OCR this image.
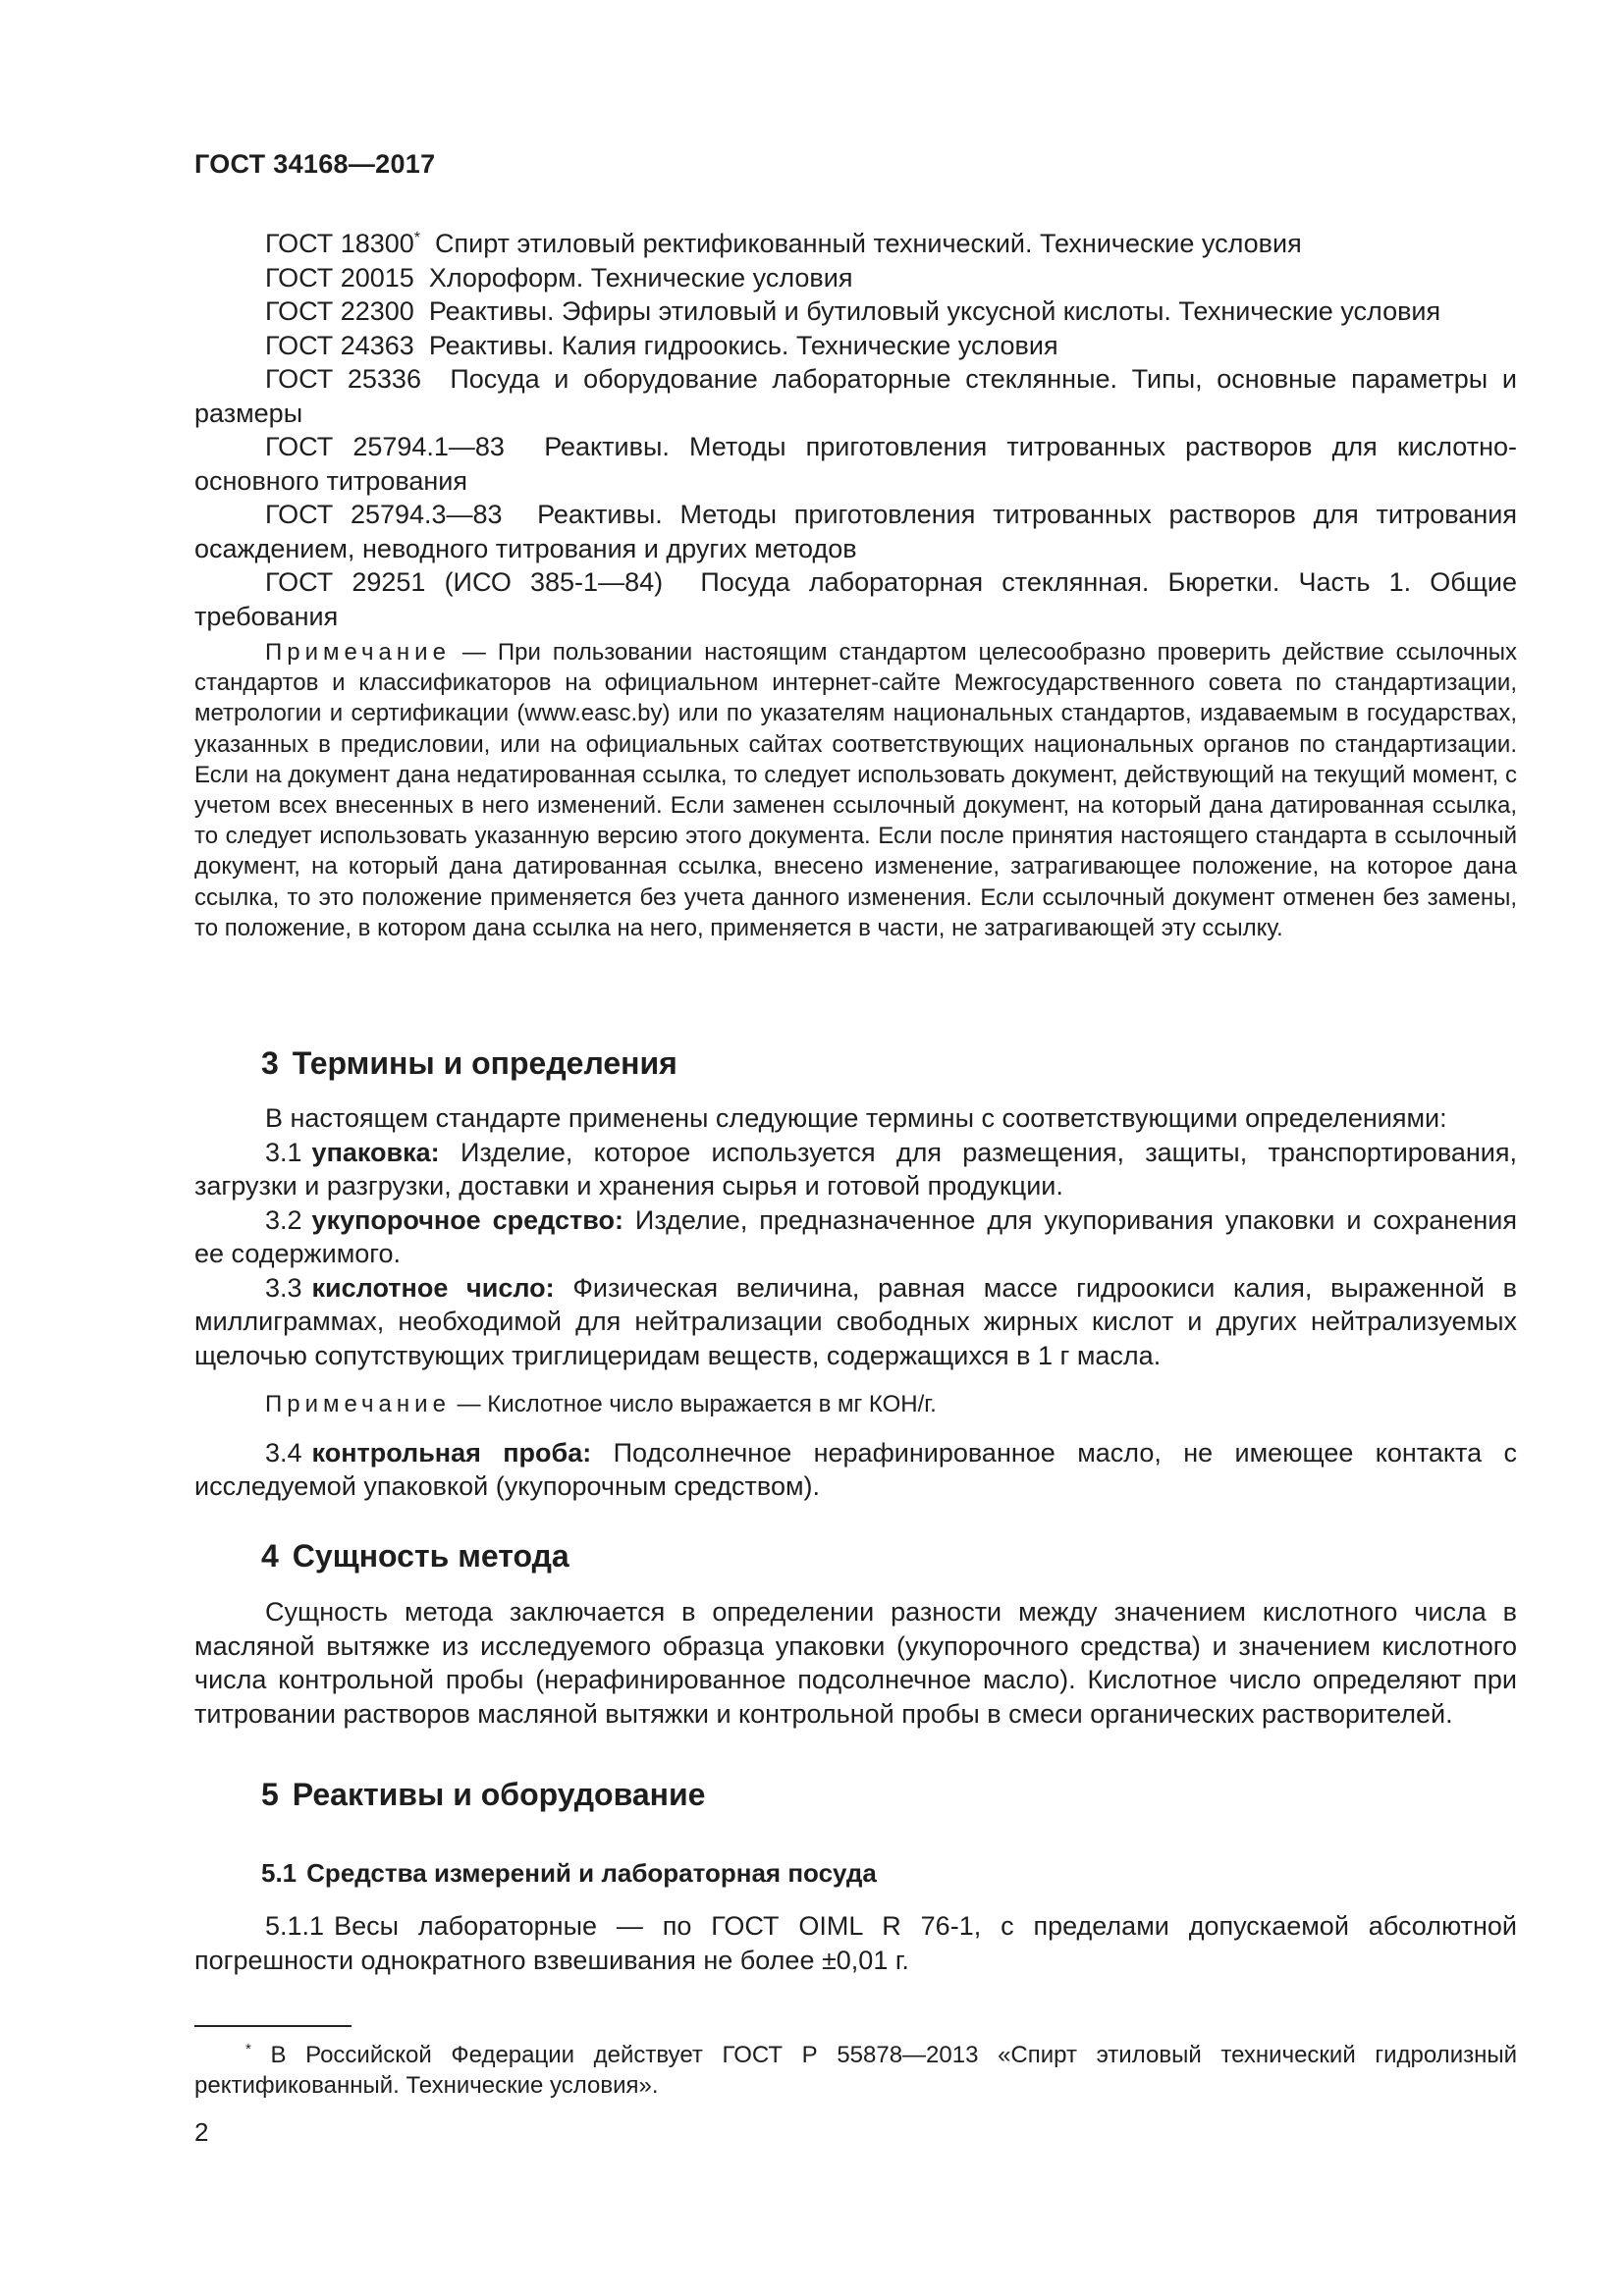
ГОСТ 34168—2017

ГОСТ 18300* Спирт этиловый ректификованный технический. Технические условия

ГОСТ 20015 Хлороформ. Технические условия

ГОСТ 22300 Реактивы. Эфиры этиловый и бутиловый уксусной кислоты. Технические условия

ГОСТ 24363 Реактивы. Калия гидроокись. Технические условия

ГОСТ 25336 Посуда и оборудование лабораторные стеклянные. Типы, основные параметры и размеры

ГОСТ 25794.1—83 Реактивы. Методы приготовления титрованных растворов для кислотно-основного титрования

ГОСТ 25794.3—83 Реактивы. Методы приготовления титрованных растворов для титрования осаждением, неводного титрования и других методов

ГОСТ 29251 (ИСО 385-1—84) Посуда лабораторная стеклянная. Бюретки. Часть 1. Общие требования

Примечание — При пользовании настоящим стандартом целесообразно проверить действие ссылочных стандартов и классификаторов на официальном интернет-сайте Межгосударственного совета по стандартизации, метрологии и сертификации (www.easc.by) или по указателям национальных стандартов, издаваемым в государствах, указанных в предисловии, или на официальных сайтах соответствующих национальных органов по стандартизации. Если на документ дана недатированная ссылка, то следует использовать документ, действующий на текущий момент, с учетом всех внесенных в него изменений. Если заменен ссылочный документ, на который дана датированная ссылка, то следует использовать указанную версию этого документа. Если после принятия настоящего стандарта в ссылочный документ, на который дана датированная ссылка, внесено изменение, затрагивающее положение, на которое дана ссылка, то это положение применяется без учета данного изменения. Если ссылочный документ отменен без замены, то положение, в котором дана ссылка на него, применяется в части, не затрагивающей эту ссылку.

3 Термины и определения

В настоящем стандарте применены следующие термины с соответствующими определениями:

3.1 упаковка: Изделие, которое используется для размещения, защиты, транспортирования, загрузки и разгрузки, доставки и хранения сырья и готовой продукции.

3.2 укупорочное средство: Изделие, предназначенное для укупоривания упаковки и сохранения ее содержимого.

3.3 кислотное число: Физическая величина, равная массе гидроокиси калия, выраженной в миллиграммах, необходимой для нейтрализации свободных жирных кислот и других нейтрализуемых щелочью сопутствующих триглицеридам веществ, содержащихся в 1 г масла.

Примечание — Кислотное число выражается в мг КОН/г.

3.4 контрольная проба: Подсолнечное нерафинированное масло, не имеющее контакта с исследуемой упаковкой (укупорочным средством).

4 Сущность метода

Сущность метода заключается в определении разности между значением кислотного числа в масляной вытяжке из исследуемого образца упаковки (укупорочного средства) и значением кислотного числа контрольной пробы (нерафинированное подсолнечное масло). Кислотное число определяют при титровании растворов масляной вытяжки и контрольной пробы в смеси органических растворителей.

5 Реактивы и оборудование
5.1 Средства измерений и лабораторная посуда

5.1.1 Весы лабораторные — по ГОСТ OIML R 76-1, с пределами допускаемой абсолютной погрешности однократного взвешивания не более ±0,01 г.

* В Российской Федерации действует ГОСТ Р 55878—2013 «Спирт этиловый технический гидролизный ректификованный. Технические условия».

2
